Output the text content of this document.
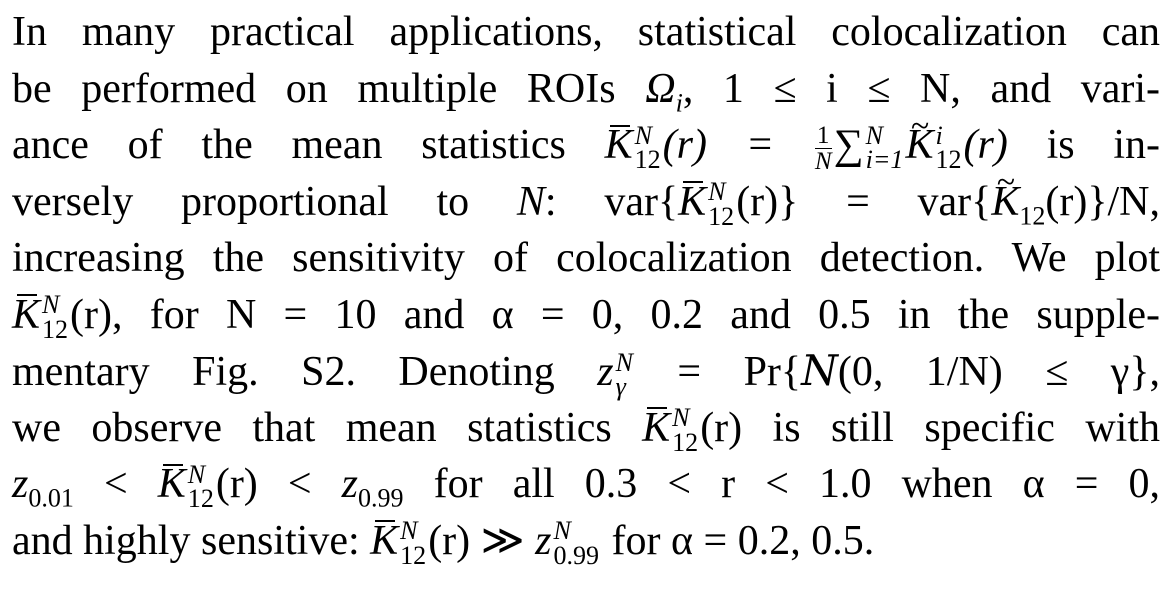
In many practical applications, statistical colocalization can
be performed on multiple ROIs $\Omega_i$, 1 ≤ i ≤ N, and vari-
ance of the mean statistics K N
12 $(r) = \frac{1}{N}$ ∑ N
i=1
~ K i
12 (r) is in-
versely proportional to N: var{K N
12 (r)} = var{~ $K_{12}(r)\}/N$,
increasing the sensitivity of colocalization detection. We plot
K N
12 (r), for N = 10 and α = 0, 0.2 and 0.5 in the supple-
mentary Fig. S2. Denoting z N
γ = Pr{N(0, 1/N) ≤ γ},
we observe that mean statistics K N
12 (r) is still specific with
$z_{0.01} < K$ N
12 $(r) < z_{0.99}$ for all 0.3 < r < 1.0 when α = 0,
and highly sensitive: K N
12 (r) ≫ z N
0.99 for α = 0.2, 0.5.
